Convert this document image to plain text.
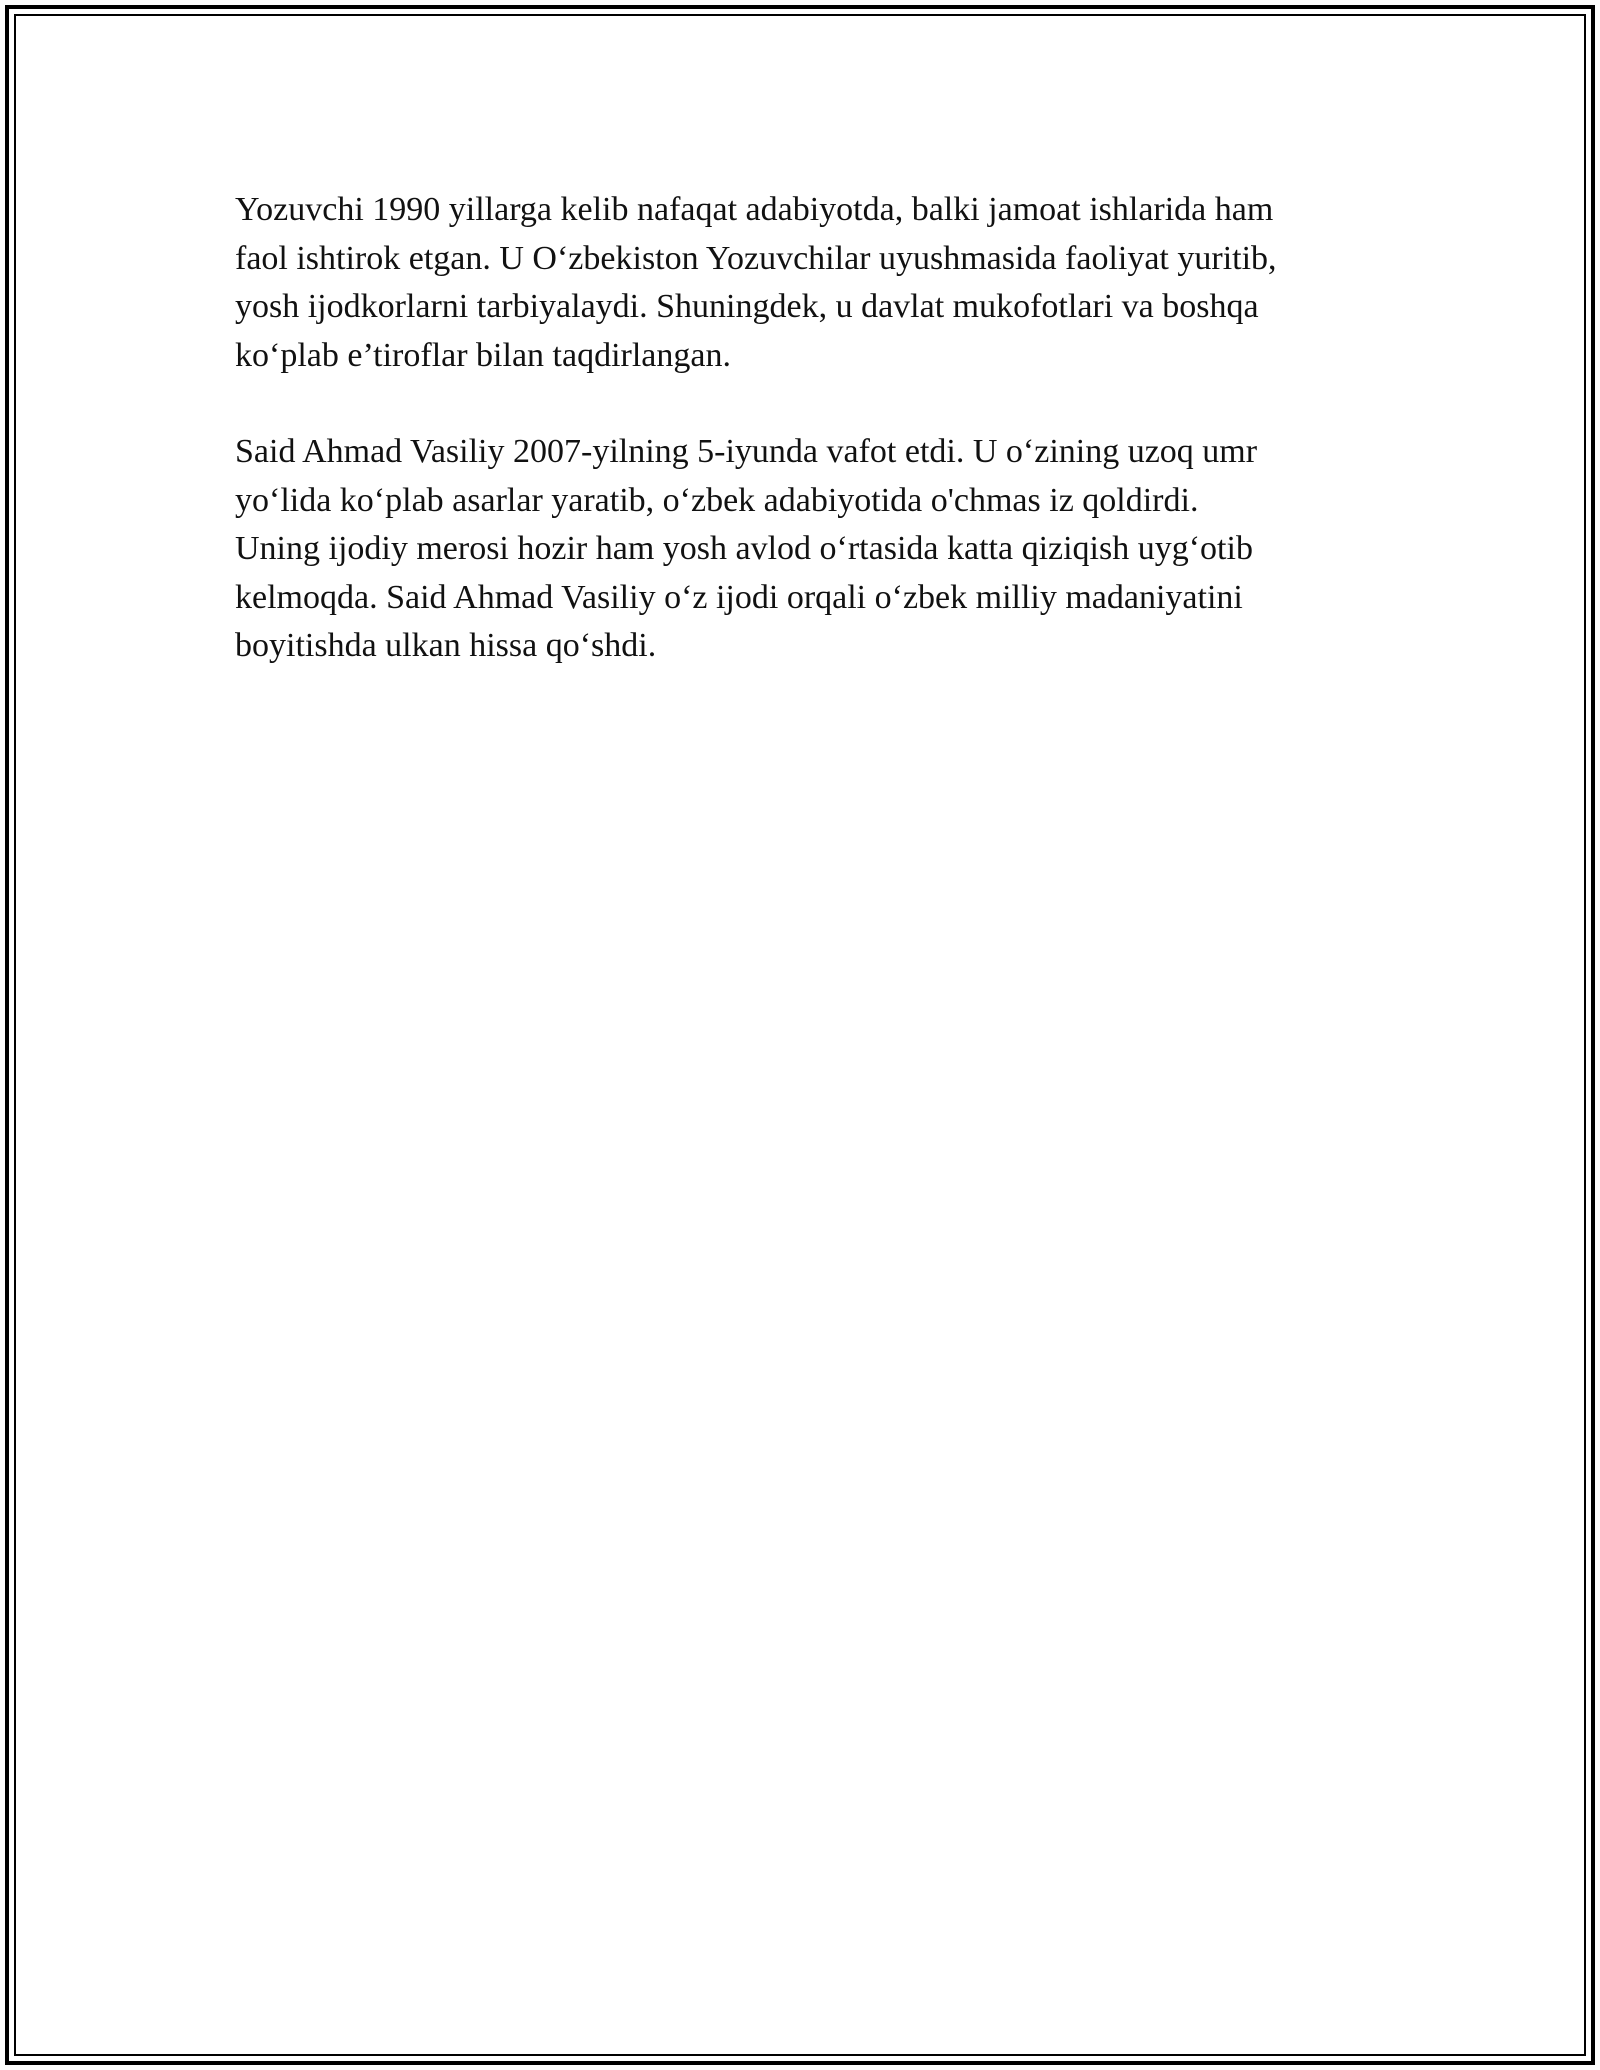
Yozuvchi 1990 yillarga kelib nafaqat adabiyotda, balki jamoat ishlarida ham
faol ishtirok etgan. U O‘zbekiston Yozuvchilar uyushmasida faoliyat yuritib,
yosh ijodkorlarni tarbiyalaydi. Shuningdek, u davlat mukofotlari va boshqa
ko‘plab e’tiroflar bilan taqdirlangan.

Said Ahmad Vasiliy 2007-yilning 5-iyunda vafot etdi. U o‘zining uzoq umr
yo‘lida ko‘plab asarlar yaratib, o‘zbek adabiyotida o'chmas iz qoldirdi.
Uning ijodiy merosi hozir ham yosh avlod o‘rtasida katta qiziqish uyg‘otib
kelmoqda. Said Ahmad Vasiliy o‘z ijodi orqali o‘zbek milliy madaniyatini
boyitishda ulkan hissa qo‘shdi.
